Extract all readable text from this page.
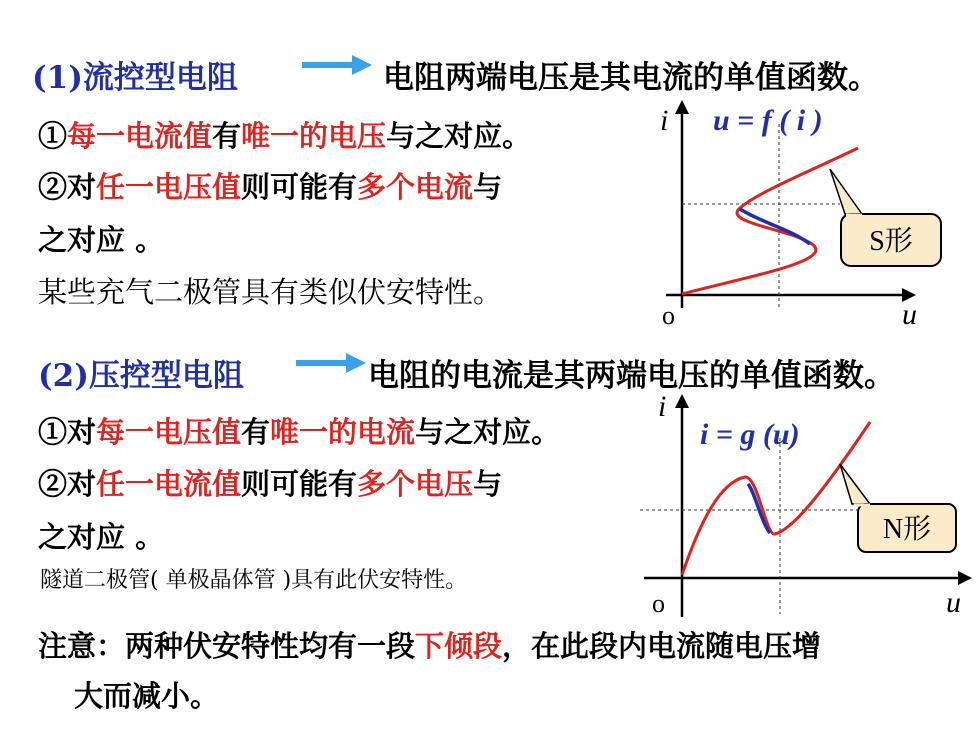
(1)流控型电阻	电阻两端电压是其电流的单值函数。
①每一电流值有唯一的电压与之对应。
②对任一电压值则可能有多个电流与
之对应 。
某些充气二极管具有类似伏安特性。
S形
i
u
o
u = f ( i )
(2)压控型电阻	电阻的电流是其两端电压的单值函数。
①对每一电压值有唯一的电流与之对应。
②对任一电流值则可能有多个电压与
之对应 。
隧道二极管( 单极晶体管 )具有此伏安特性。
N形
i
u
o
i = g (u)
注意：两种伏安特性均有一段下倾段，在此段内电流随电压增
大而减小。
